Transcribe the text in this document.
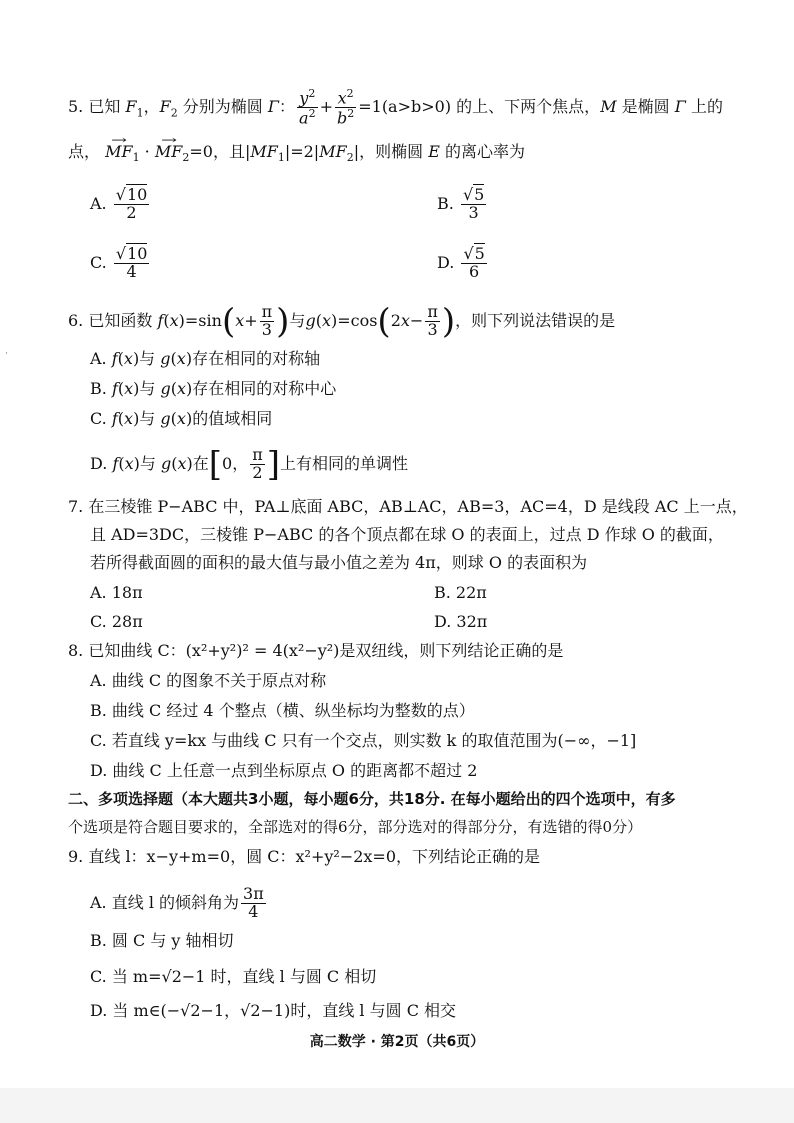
˙
5. 已知 $F_1$，$F_2$ 分别为椭圆 Γ： $\frac{y^2}{a^2} + \frac{x^2}{b^2} =1(a>b>0)$ 的上、下两个焦点，M 是椭圆 Γ 上的
点， → $MF_1$ · → $MF_2=0$，且$|MF_1|=2|MF_2|$，则椭圆 E 的离心率为
A. $\frac{√10}{2}$	B. $\frac{√5}{3}$
C. $\frac{√10}{4}$	D. $\frac{√5}{6}$
6. 已知函数 $f(x)=\sin(x+ \frac{\pi}{3}$ )与$g(x)=\cos(2x- \frac{\pi}{3}$ )，则下列说法错误的是
A. f(x)与 g(x)存在相同的对称轴
B. f(x)与 g(x)存在相同的对称中心
C. f(x)与 g(x)的值域相同
D. f(x)与 g(x)在[0， $\frac{\pi}{2}$ ]上有相同的单调性
7. 在三棱锥 P−ABC 中，PA⊥底面 ABC，AB⊥AC，AB=3，AC=4，D 是线段 AC 上一点，
且 AD=3DC，三棱锥 P−ABC 的各个顶点都在球 O 的表面上，过点 D 作球 O 的截面，
若所得截面圆的面积的最大值与最小值之差为 4π，则球 O 的表面积为
A. 18π	B. 22π
C. 28π	D. 32π
8. 已知曲线 C：(x²+y²)² = 4(x²−y²)是双纽线，则下列结论正确的是
A. 曲线 C 的图象不关于原点对称
B. 曲线 C 经过 4 个整点（横、纵坐标均为整数的点）
C. 若直线 y=kx 与曲线 C 只有一个交点，则实数 k 的取值范围为(−∞，−1]
D. 曲线 C 上任意一点到坐标原点 O 的距离都不超过 2
二、多项选择题（本大题共3小题，每小题6分，共18分. 在每小题给出的四个选项中，有多
个选项是符合题目要求的，全部选对的得6分，部分选对的得部分分，有选错的得0分）
9. 直线 l：x−y+m=0，圆 C：x²+y²−2x=0，下列结论正确的是
A. 直线 l 的倾斜角为 $\frac{3\pi}{4}$
B. 圆 C 与 y 轴相切
C. 当 m=√2−1 时，直线 l 与圆 C 相切
D. 当 m∈(−√2−1，√2−1)时，直线 l 与圆 C 相交
高二数学 · 第2页（共6页）
